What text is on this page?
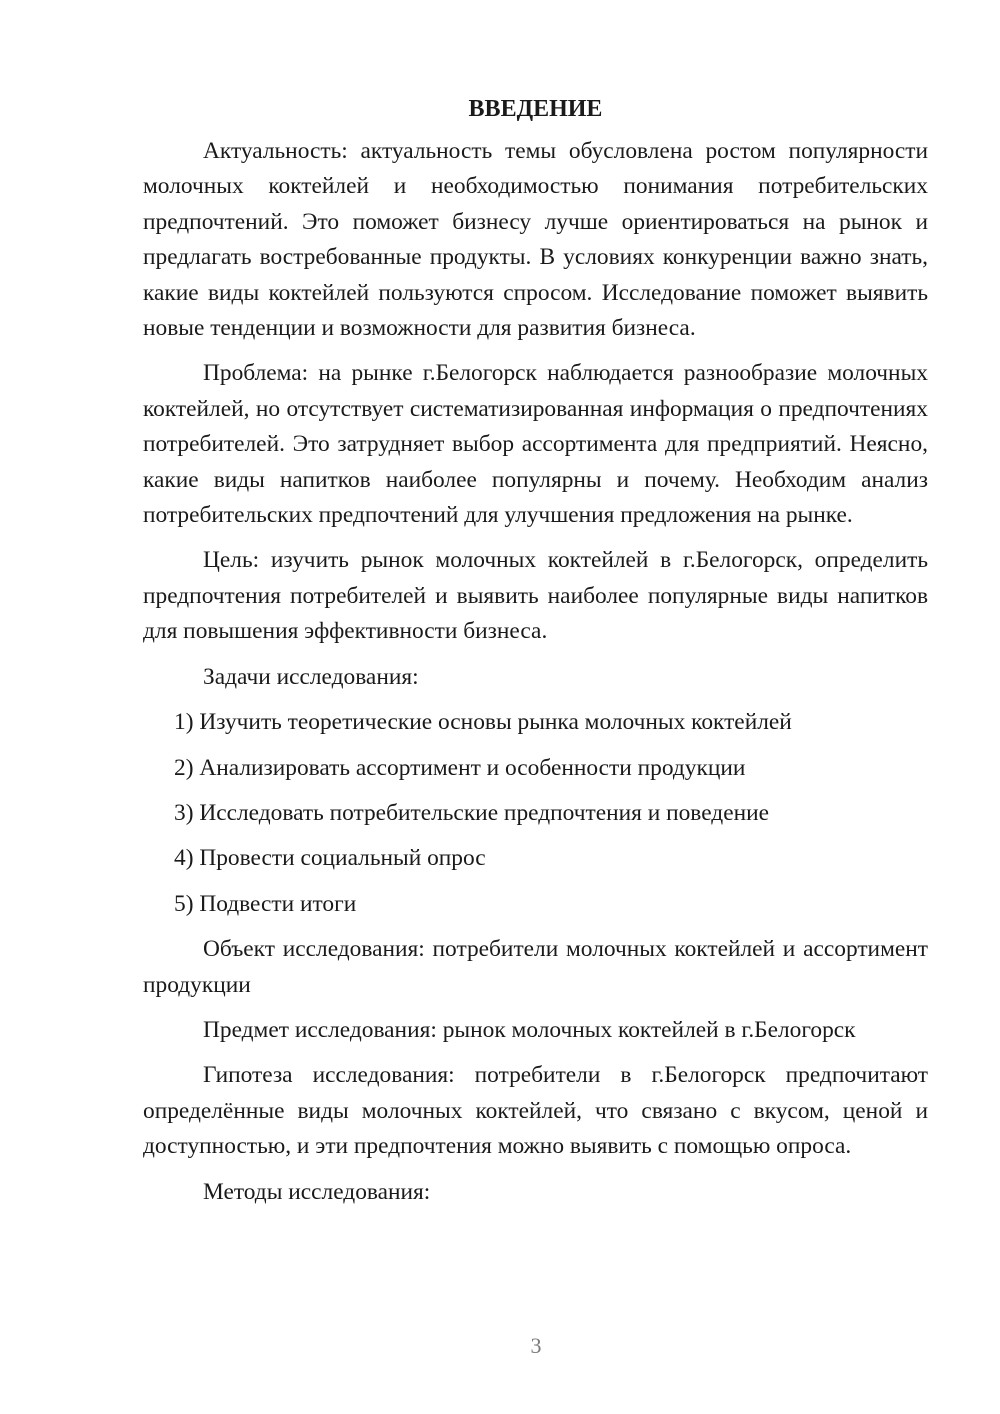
ВВЕДЕНИЕ

Актуальность: актуальность темы обусловлена ростом популярности молочных коктейлей и необходимостью понимания потребительских предпочтений. Это поможет бизнесу лучше ориентироваться на рынок и предлагать востребованные продукты. В условиях конкуренции важно знать, какие виды коктейлей пользуются спросом. Исследование поможет выявить новые тенденции и возможности для развития бизнеса.

Проблема: на рынке г.Белогорск наблюдается разнообразие молочных коктейлей, но отсутствует систематизированная информация о предпочтениях потребителей. Это затрудняет выбор ассортимента для предприятий. Неясно, какие виды напитков наиболее популярны и почему. Необходим анализ потребительских предпочтений для улучшения предложения на рынке.

Цель: изучить рынок молочных коктейлей в г.Белогорск, определить предпочтения потребителей и выявить наиболее популярные виды напитков для повышения эффективности бизнеса.

Задачи исследования:

1) Изучить теоретические основы рынка молочных коктейлей
2) Анализировать ассортимент и особенности продукции
3) Исследовать потребительские предпочтения и поведение
4) Провести социальный опрос
5) Подвести итоги

Объект исследования: потребители молочных коктейлей и ассортимент продукции

Предмет исследования: рынок молочных коктейлей в г.Белогорск

Гипотеза исследования: потребители в г.Белогорск предпочитают определённые виды молочных коктейлей, что связано с вкусом, ценой и доступностью, и эти предпочтения можно выявить с помощью опроса.

Методы исследования:

3
